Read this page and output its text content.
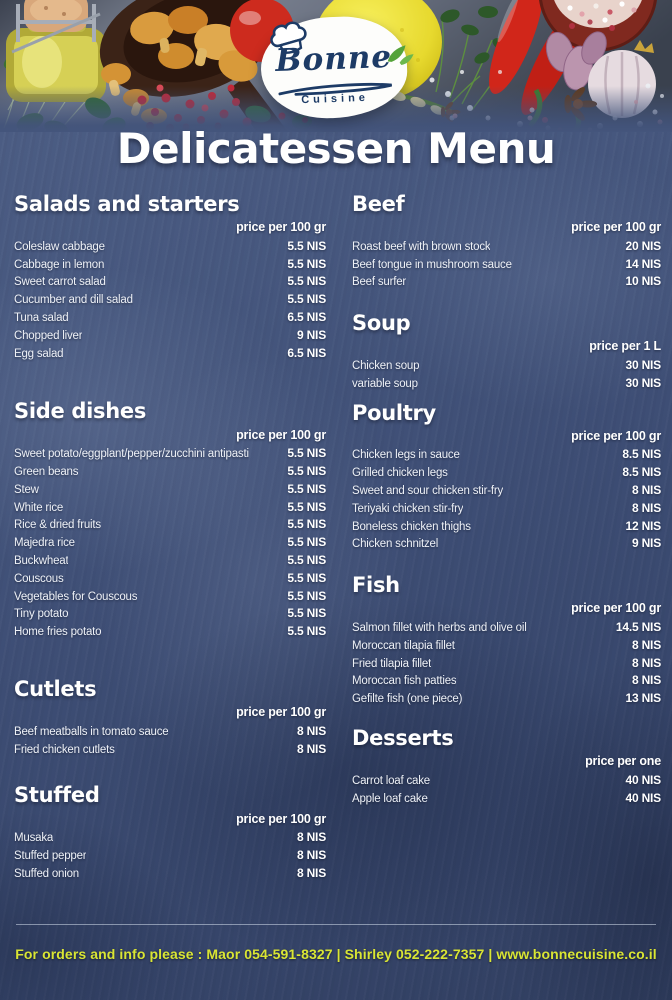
Bonne
Cuisine
Delicatessen Menu
Salads and starters
price per 100 gr
Coleslaw cabbage	5.5 NIS
Cabbage in lemon	5.5 NIS
Sweet carrot salad	5.5 NIS
Cucumber and dill salad	5.5 NIS
Tuna salad	6.5 NIS
Chopped liver	9 NIS
Egg salad	6.5 NIS
Side dishes
price per 100 gr
Sweet potato/eggplant/pepper/zucchini antipasti	5.5 NIS
Green beans	5.5 NIS
Stew	5.5 NIS
White rice	5.5 NIS
Rice & dried fruits	5.5 NIS
Majedra rice	5.5 NIS
Buckwheat	5.5 NIS
Couscous	5.5 NIS
Vegetables for Couscous	5.5 NIS
Tiny potato	5.5 NIS
Home fries potato	5.5 NIS
Cutlets
price per 100 gr
Beef meatballs in tomato sauce	8 NIS
Fried chicken cutlets	8 NIS
Stuffed
price per 100 gr
Musaka	8 NIS
Stuffed pepper	8 NIS
Stuffed onion	8 NIS
Beef
price per 100 gr
Roast beef with brown stock	20 NIS
Beef tongue in mushroom sauce	14 NIS
Beef surfer	10 NIS
Soup
price per 1 L
Chicken soup	30 NIS
variable soup	30 NIS
Poultry
price per 100 gr
Chicken legs in sauce	8.5 NIS
Grilled chicken legs	8.5 NIS
Sweet and sour chicken stir-fry	8 NIS
Teriyaki chicken stir-fry	8 NIS
Boneless chicken thighs	12 NIS
Chicken schnitzel	9 NIS
Fish
price per 100 gr
Salmon fillet with herbs and olive oil	14.5 NIS
Moroccan tilapia fillet	8 NIS
Fried tilapia fillet	8 NIS
Moroccan fish patties	8 NIS
Gefilte fish (one piece)	13 NIS
Desserts
price per one
Carrot loaf cake	40 NIS
Apple loaf cake	40 NIS
For orders and info please : Maor 054-591-8327 | Shirley 052-222-7357 | www.bonnecuisine.co.il
